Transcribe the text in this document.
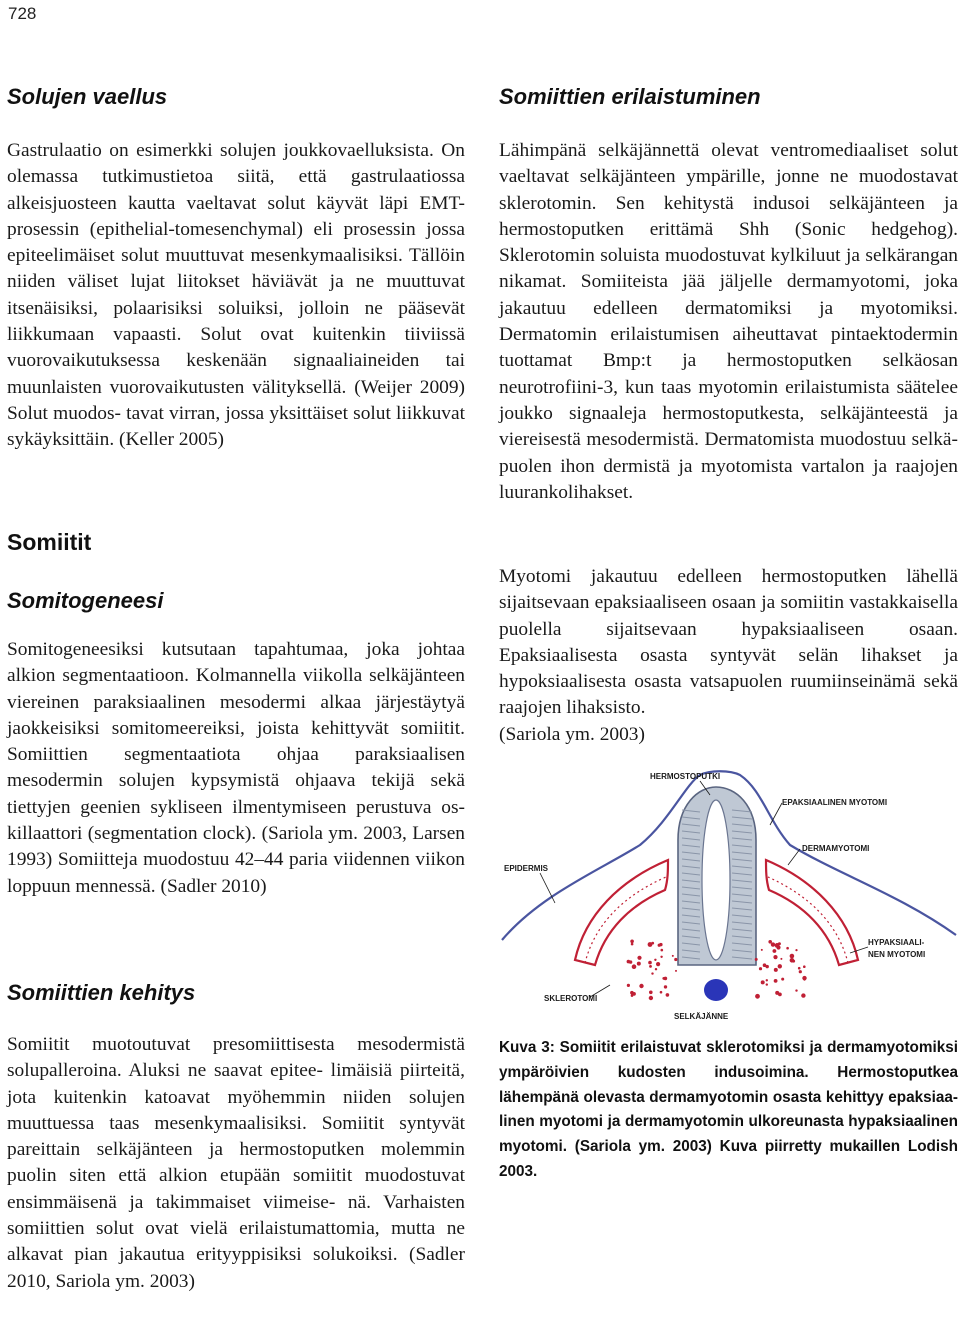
728
Solujen vaellus

Gastrulaatio on esimerkki solujen joukkovaelluksista. On olemassa tutkimustietoa siitä, että gastrulaatiossa alkeisjuosteen kautta vaeltavat solut käyvät läpi EMT-prosessin (epithelial-tomesenchymal) eli prosessin jossa epiteelimäiset solut muuttuvat mesenkymaalisiksi. Tällöin niiden väliset lujat liitokset häviävät ja ne muuttuvat itsenäisiksi, polaarisiksi soluiksi, jolloin ne pääsevät liikkumaan vapaasti. Solut ovat kuitenkin tiiviissä vuorovaikutuksessa keskenään signaaliaineiden tai muunlaisten vuorovaikutusten välityksellä. (Weijer 2009) Solut muodos- tavat virran, jossa yksittäiset solut liikkuvat sykäyksittäin. (Keller 2005)

Somiitit
Somitogeneesi

Somitogeneesiksi kutsutaan tapahtumaa, joka johtaa alkion segmentaatioon. Kolmannella viikolla selkäjänteen viereinen paraksiaalinen mesodermi alkaa järjestäytyä jaokkeisiksi somitomeereiksi, joista kehittyvät somiitit. Somiittien segmentaatiota ohjaa paraksiaalisen mesodermin solujen kypsymistä ohjaava tekijä sekä tiettyjen geenien sykliseen ilmentymiseen perustuva oskillaattori (segmentation clock). (Sariola ym. 2003, Larsen 1993) Somiitteja muodostuu 42–44 paria viidennen viikon loppuun mennessä. (Sadler 2010)

Somiittien kehitys

Somiitit muotoutuvat presomiittisesta mesodermistä solupalleroina. Aluksi ne saavat epitee- limäisiä piirteitä, jota kuitenkin katoavat myöhemmin niiden solujen muuttuessa taas mesenkymaalisiksi. Somiitit syntyvät pareittain selkäjänteen ja hermostoputken molemmin puolin siten että alkion etupään somiitit muodostuvat ensimmäisenä ja takimmaiset viimeise- nä. Varhaisten somiittien solut ovat vielä erilaistumattomia, mutta ne alkavat pian jakautua erityyppisiksi solukoiksi. (Sadler 2010, Sariola ym. 2003)

Somiittien erilaistuminen

Lähimpänä selkäjännettä olevat ventromediaaliset solut vaeltavat selkäjänteen ympärille, jonne ne muodostavat sklerotomin. Sen kehitystä indusoi selkäjänteen ja hermostoputken erittämä Shh (Sonic hedgehog). Sklerotomin soluista muodostuvat kylkiluut ja selkärangan nikamat. Somiiteista jää jäljelle dermamyotomi, joka jakautuu edelleen dermatomiksi ja myotomiksi. Dermatomin erilaistumisen aiheuttavat pintaektodermin tuottamat Bmp:t ja hermostoputken selkäosan neurotrofiini-3, kun taas myotomin erilaistumista säätelee joukko signaaleja hermostoputkesta, selkäjänteestä ja viereisestä mesodermistä. Dermatomista muodostuu selkäpuolen ihon dermistä ja myotomista vartalon ja raajojen luurankolihakset.

Myotomi jakautuu edelleen hermostoputken lähellä sijaitsevaan epaksiaaliseen osaan ja somiitin vastakkaisella puolella sijaitsevaan hypaksiaaliseen osaan. Epaksiaalisesta osasta syntyvät selän lihakset ja hypoksiaalisesta osasta vatsapuolen ruumiinseinämä sekä raajojen lihaksisto.

(Sariola ym. 2003)

Kuva 3: Somiitit erilaistuvat sklerotomiksi ja dermamyotomiksi ympäröivien kudosten indusoimina. Hermostoputkea lähempänä olevasta dermamyotomin osasta kehittyy epaksiaa- linen myotomi ja dermamyotomin ulkoreunasta hypaksiaalinen myotomi. (Sariola ym. 2003) Kuva piirretty mukaillen Lodish 2003.

HERMOSTOPUTKI
EPAKSIAALINEN MYOTOMI
DERMAMYOTOMI
EPIDERMIS
HYPAKSIAALI-
NEN MYOTOMI
SKLEROTOMI
SELKÄJÄNNE
